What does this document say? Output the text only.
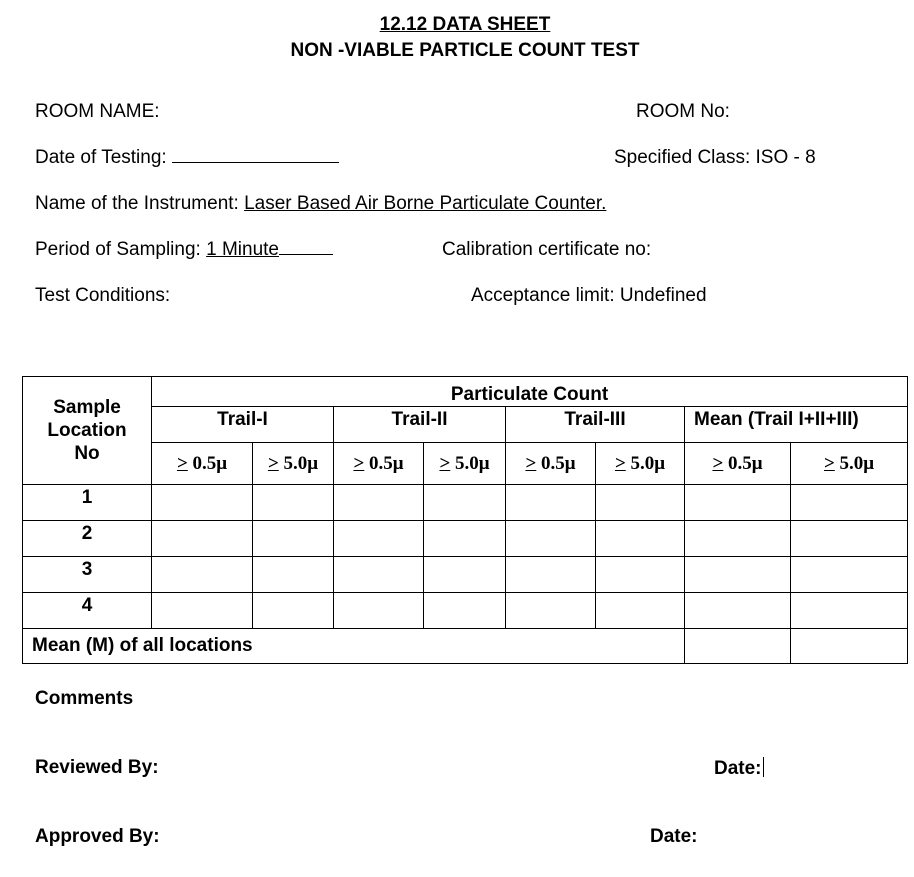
12.12 DATA SHEET
NON -VIABLE PARTICLE COUNT TEST
ROOM NAME:	ROOM No:
Date of Testing:	Specified Class: ISO - 8
Name of the Instrument: Laser Based Air Borne Particulate Counter.
Period of Sampling: 1 Minute	Calibration certificate no:
Test Conditions:	Acceptance limit: Undefined
Sample Location No	Particulate Count							
	Trail-I		Trail-II		Trail-III		Mean (Trail I+II+III)	
	> 0.5μ	> 5.0μ	> 0.5μ	> 5.0μ	> 0.5μ	> 5.0μ	> 0.5μ	> 5.0μ
1								
2								
3								
4								
Mean (M) of all locations								
Comments
Reviewed By:	Date:
Approved By:	Date:
